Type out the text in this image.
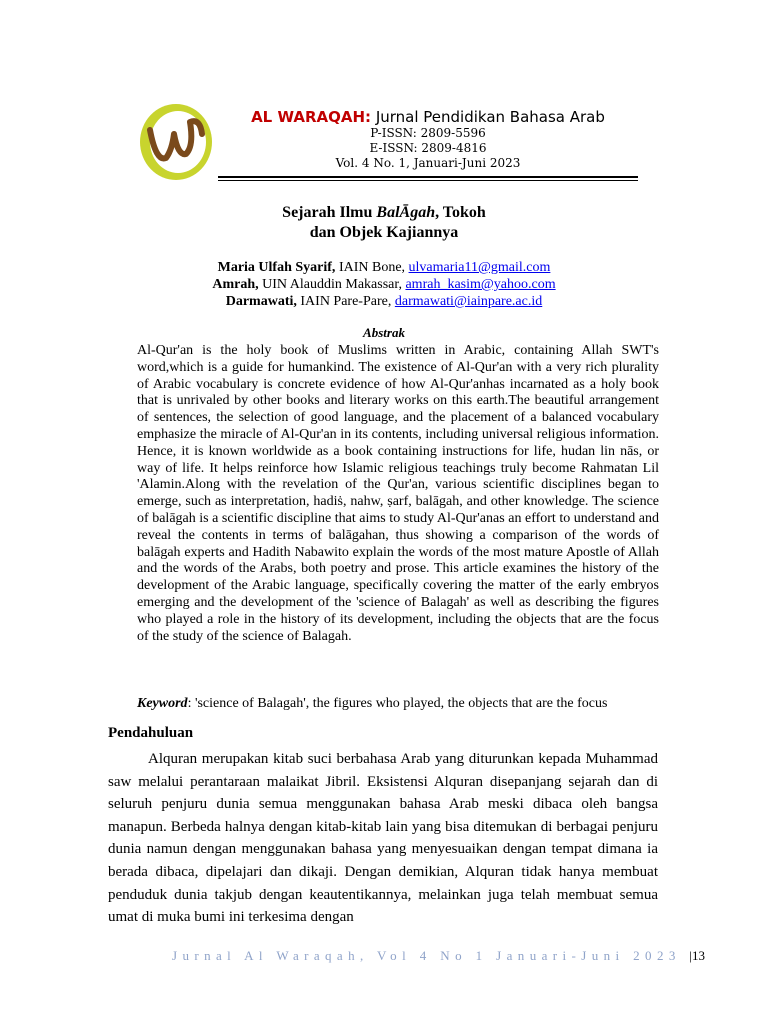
AL WARAQAH: Jurnal Pendidikan Bahasa Arab
P-ISSN: 2809-5596
E-ISSN: 2809-4816
Vol. 4 No. 1, Januari-Juni 2023
Sejarah Ilmu BalĀgah, Tokoh
dan Objek Kajiannya
Maria Ulfah Syarif, IAIN Bone, ulvamaria11@gmail.com
Amrah, UIN Alauddin Makassar, amrah_kasim@yahoo.com
Darmawati, IAIN Pare-Pare, darmawati@iainpare.ac.id
Abstrak
Al-Qur'an is the holy book of Muslims written in Arabic, containing Allah SWT's word,which is a guide for humankind. The existence of Al-Qur'an with a very rich plurality of Arabic vocabulary is concrete evidence of how Al-Qur'anhas incarnated as a holy book that is unrivaled by other books and literary works on this earth.The beautiful arrangement of sentences, the selection of good language, and the placement of a balanced vocabulary emphasize the miracle of Al-Qur'an in its contents, including universal religious information. Hence, it is known worldwide as a book containing instructions for life, hudan lin nās, or way of life. It helps reinforce how Islamic religious teachings truly become Rahmatan Lil 'Alamin.Along with the revelation of the Qur'an, various scientific disciplines began to emerge, such as interpretation, hadiṡ, nahw, ṣarf, balāgah, and other knowledge. The science of balāgah is a scientific discipline that aims to study Al-Qur'anas an effort to understand and reveal the contents in terms of balāgahan, thus showing a comparison of the words of balāgah experts and Hadith Nabawito explain the words of the most mature Apostle of Allah and the words of the Arabs, both poetry and prose. This article examines the history of the development of the Arabic language, specifically covering the matter of the early embryos emerging and the development of the 'science of Balagah' as well as describing the figures who played a role in the history of its development, including the objects that are the focus of the study of the science of Balagah.
Keyword: 'science of Balagah', the figures who played, the objects that are the focus
Pendahuluan
Alquran merupakan kitab suci berbahasa Arab yang diturunkan kepada Muhammad saw melalui perantaraan malaikat Jibril. Eksistensi Alquran disepanjang sejarah dan di seluruh penjuru dunia semua menggunakan bahasa Arab meski dibaca oleh bangsa manapun. Berbeda halnya dengan kitab-kitab lain yang bisa ditemukan di berbagai penjuru dunia namun dengan menggunakan bahasa yang menyesuaikan dengan tempat dimana ia berada dibaca, dipelajari dan dikaji. Dengan demikian, Alquran tidak hanya membuat penduduk dunia takjub dengan keautentikannya, melainkan juga telah membuat semua umat di muka bumi ini terkesima dengan
Jurnal Al Waraqah, Vol 4 No 1 Januari-Juni 2023 |13
